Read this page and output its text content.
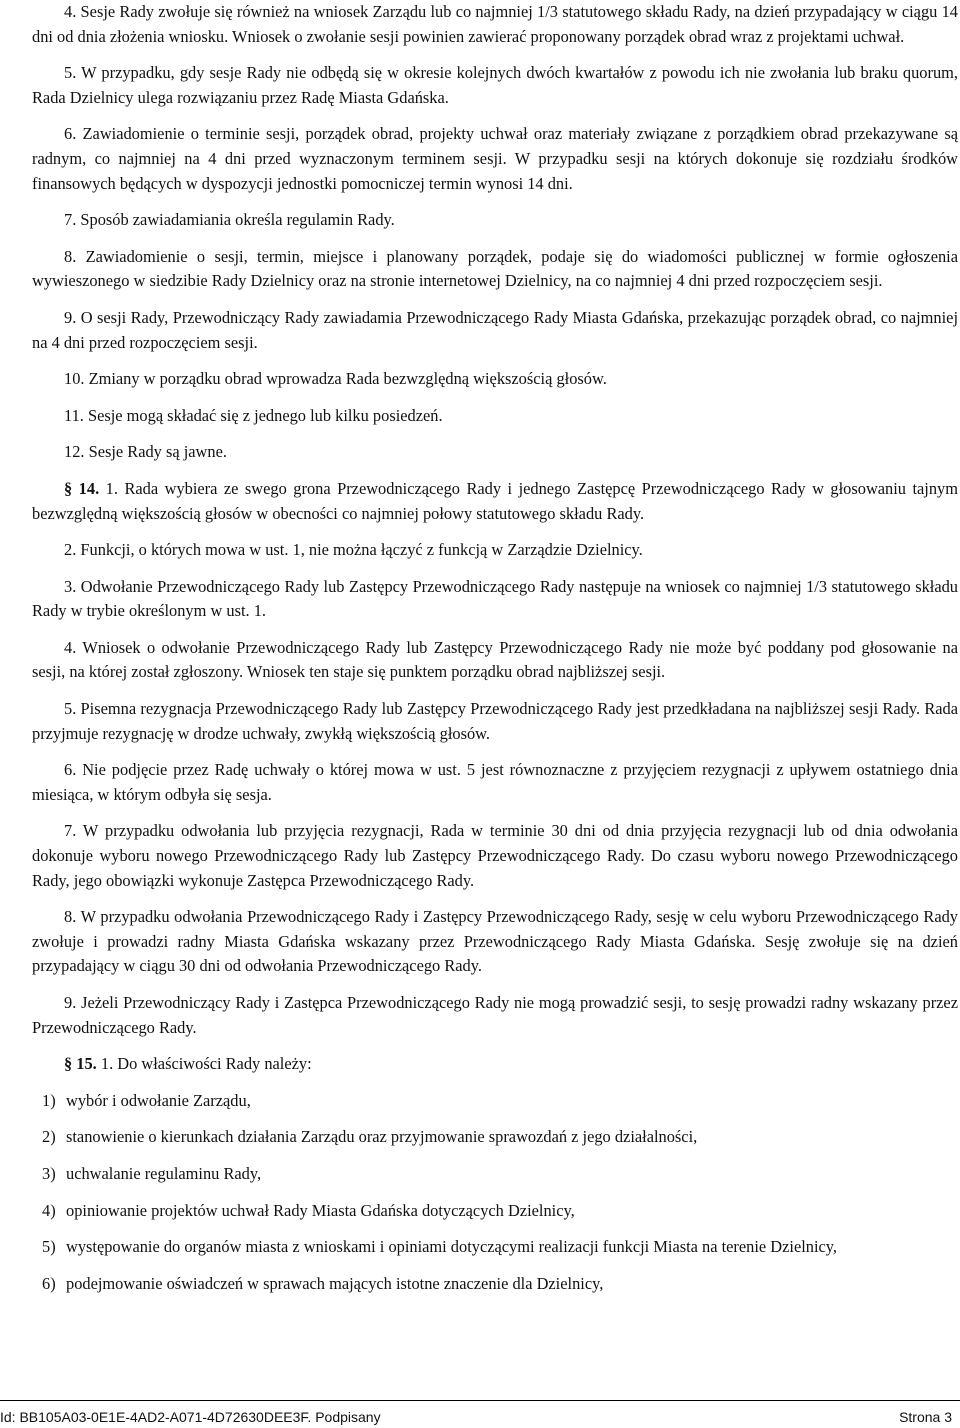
4. Sesje Rady zwołuje się również na wniosek Zarządu lub co najmniej 1/3 statutowego składu Rady, na dzień przypadający w ciągu 14 dni od dnia złożenia wniosku. Wniosek o zwołanie sesji powinien zawierać proponowany porządek obrad wraz z projektami uchwał.

5. W przypadku, gdy sesje Rady nie odbędą się w okresie kolejnych dwóch kwartałów z powodu ich nie zwołania lub braku quorum, Rada Dzielnicy ulega rozwiązaniu przez Radę Miasta Gdańska.

6. Zawiadomienie o terminie sesji, porządek obrad, projekty uchwał oraz materiały związane z porządkiem obrad przekazywane są radnym, co najmniej na 4 dni przed wyznaczonym terminem sesji. W przypadku sesji na których dokonuje się rozdziału środków finansowych będących w dyspozycji jednostki pomocniczej termin wynosi 14 dni.

7. Sposób zawiadamiania określa regulamin Rady.

8. Zawiadomienie o sesji, termin, miejsce i planowany porządek, podaje się do wiadomości publicznej w formie ogłoszenia wywieszonego w siedzibie Rady Dzielnicy oraz na stronie internetowej Dzielnicy, na co najmniej 4 dni przed rozpoczęciem sesji.

9. O sesji Rady, Przewodniczący Rady zawiadamia Przewodniczącego Rady Miasta Gdańska, przekazując porządek obrad, co najmniej na 4 dni przed rozpoczęciem sesji.

10. Zmiany w porządku obrad wprowadza Rada bezwzględną większością głosów.

11. Sesje mogą składać się z jednego lub kilku posiedzeń.

12. Sesje Rady są jawne.

§ 14. 1. Rada wybiera ze swego grona Przewodniczącego Rady i jednego Zastępcę Przewodniczącego Rady w głosowaniu tajnym bezwzględną większością głosów w obecności co najmniej połowy statutowego składu Rady.

2. Funkcji, o których mowa w ust. 1, nie można łączyć z funkcją w Zarządzie Dzielnicy.

3. Odwołanie Przewodniczącego Rady lub Zastępcy Przewodniczącego Rady następuje na wniosek co najmniej 1/3 statutowego składu Rady w trybie określonym w ust. 1.

4. Wniosek o odwołanie Przewodniczącego Rady lub Zastępcy Przewodniczącego Rady nie może być poddany pod głosowanie na sesji, na której został zgłoszony. Wniosek ten staje się punktem porządku obrad najbliższej sesji.

5. Pisemna rezygnacja Przewodniczącego Rady lub Zastępcy Przewodniczącego Rady jest przedkładana na najbliższej sesji Rady. Rada przyjmuje rezygnację w drodze uchwały, zwykłą większością głosów.

6. Nie podjęcie przez Radę uchwały o której mowa w ust. 5 jest równoznaczne z przyjęciem rezygnacji z upływem ostatniego dnia miesiąca, w którym odbyła się sesja.

7. W przypadku odwołania lub przyjęcia rezygnacji, Rada w terminie 30 dni od dnia przyjęcia rezygnacji lub od dnia odwołania dokonuje wyboru nowego Przewodniczącego Rady lub Zastępcy Przewodniczącego Rady. Do czasu wyboru nowego Przewodniczącego Rady, jego obowiązki wykonuje Zastępca Przewodniczącego Rady.

8. W przypadku odwołania Przewodniczącego Rady i Zastępcy Przewodniczącego Rady, sesję w celu wyboru Przewodniczącego Rady zwołuje i prowadzi radny Miasta Gdańska wskazany przez Przewodniczącego Rady Miasta Gdańska. Sesję zwołuje się na dzień przypadający w ciągu 30 dni od odwołania Przewodniczącego Rady.

9. Jeżeli Przewodniczący Rady i Zastępca Przewodniczącego Rady nie mogą prowadzić sesji, to sesję prowadzi radny wskazany przez Przewodniczącego Rady.

§ 15. 1. Do właściwości Rady należy:

1) wybór i odwołanie Zarządu,
2) stanowienie o kierunkach działania Zarządu oraz przyjmowanie sprawozdań z jego działalności,
3) uchwalanie regulaminu Rady,
4) opiniowanie projektów uchwał Rady Miasta Gdańska dotyczących Dzielnicy,
5) występowanie do organów miasta z wnioskami i opiniami dotyczącymi realizacji funkcji Miasta na terenie Dzielnicy,
6) podejmowanie oświadczeń w sprawach mających istotne znaczenie dla Dzielnicy,
Id: BB105A03-0E1E-4AD2-A071-4D72630DEE3F. Podpisany	Strona 3
